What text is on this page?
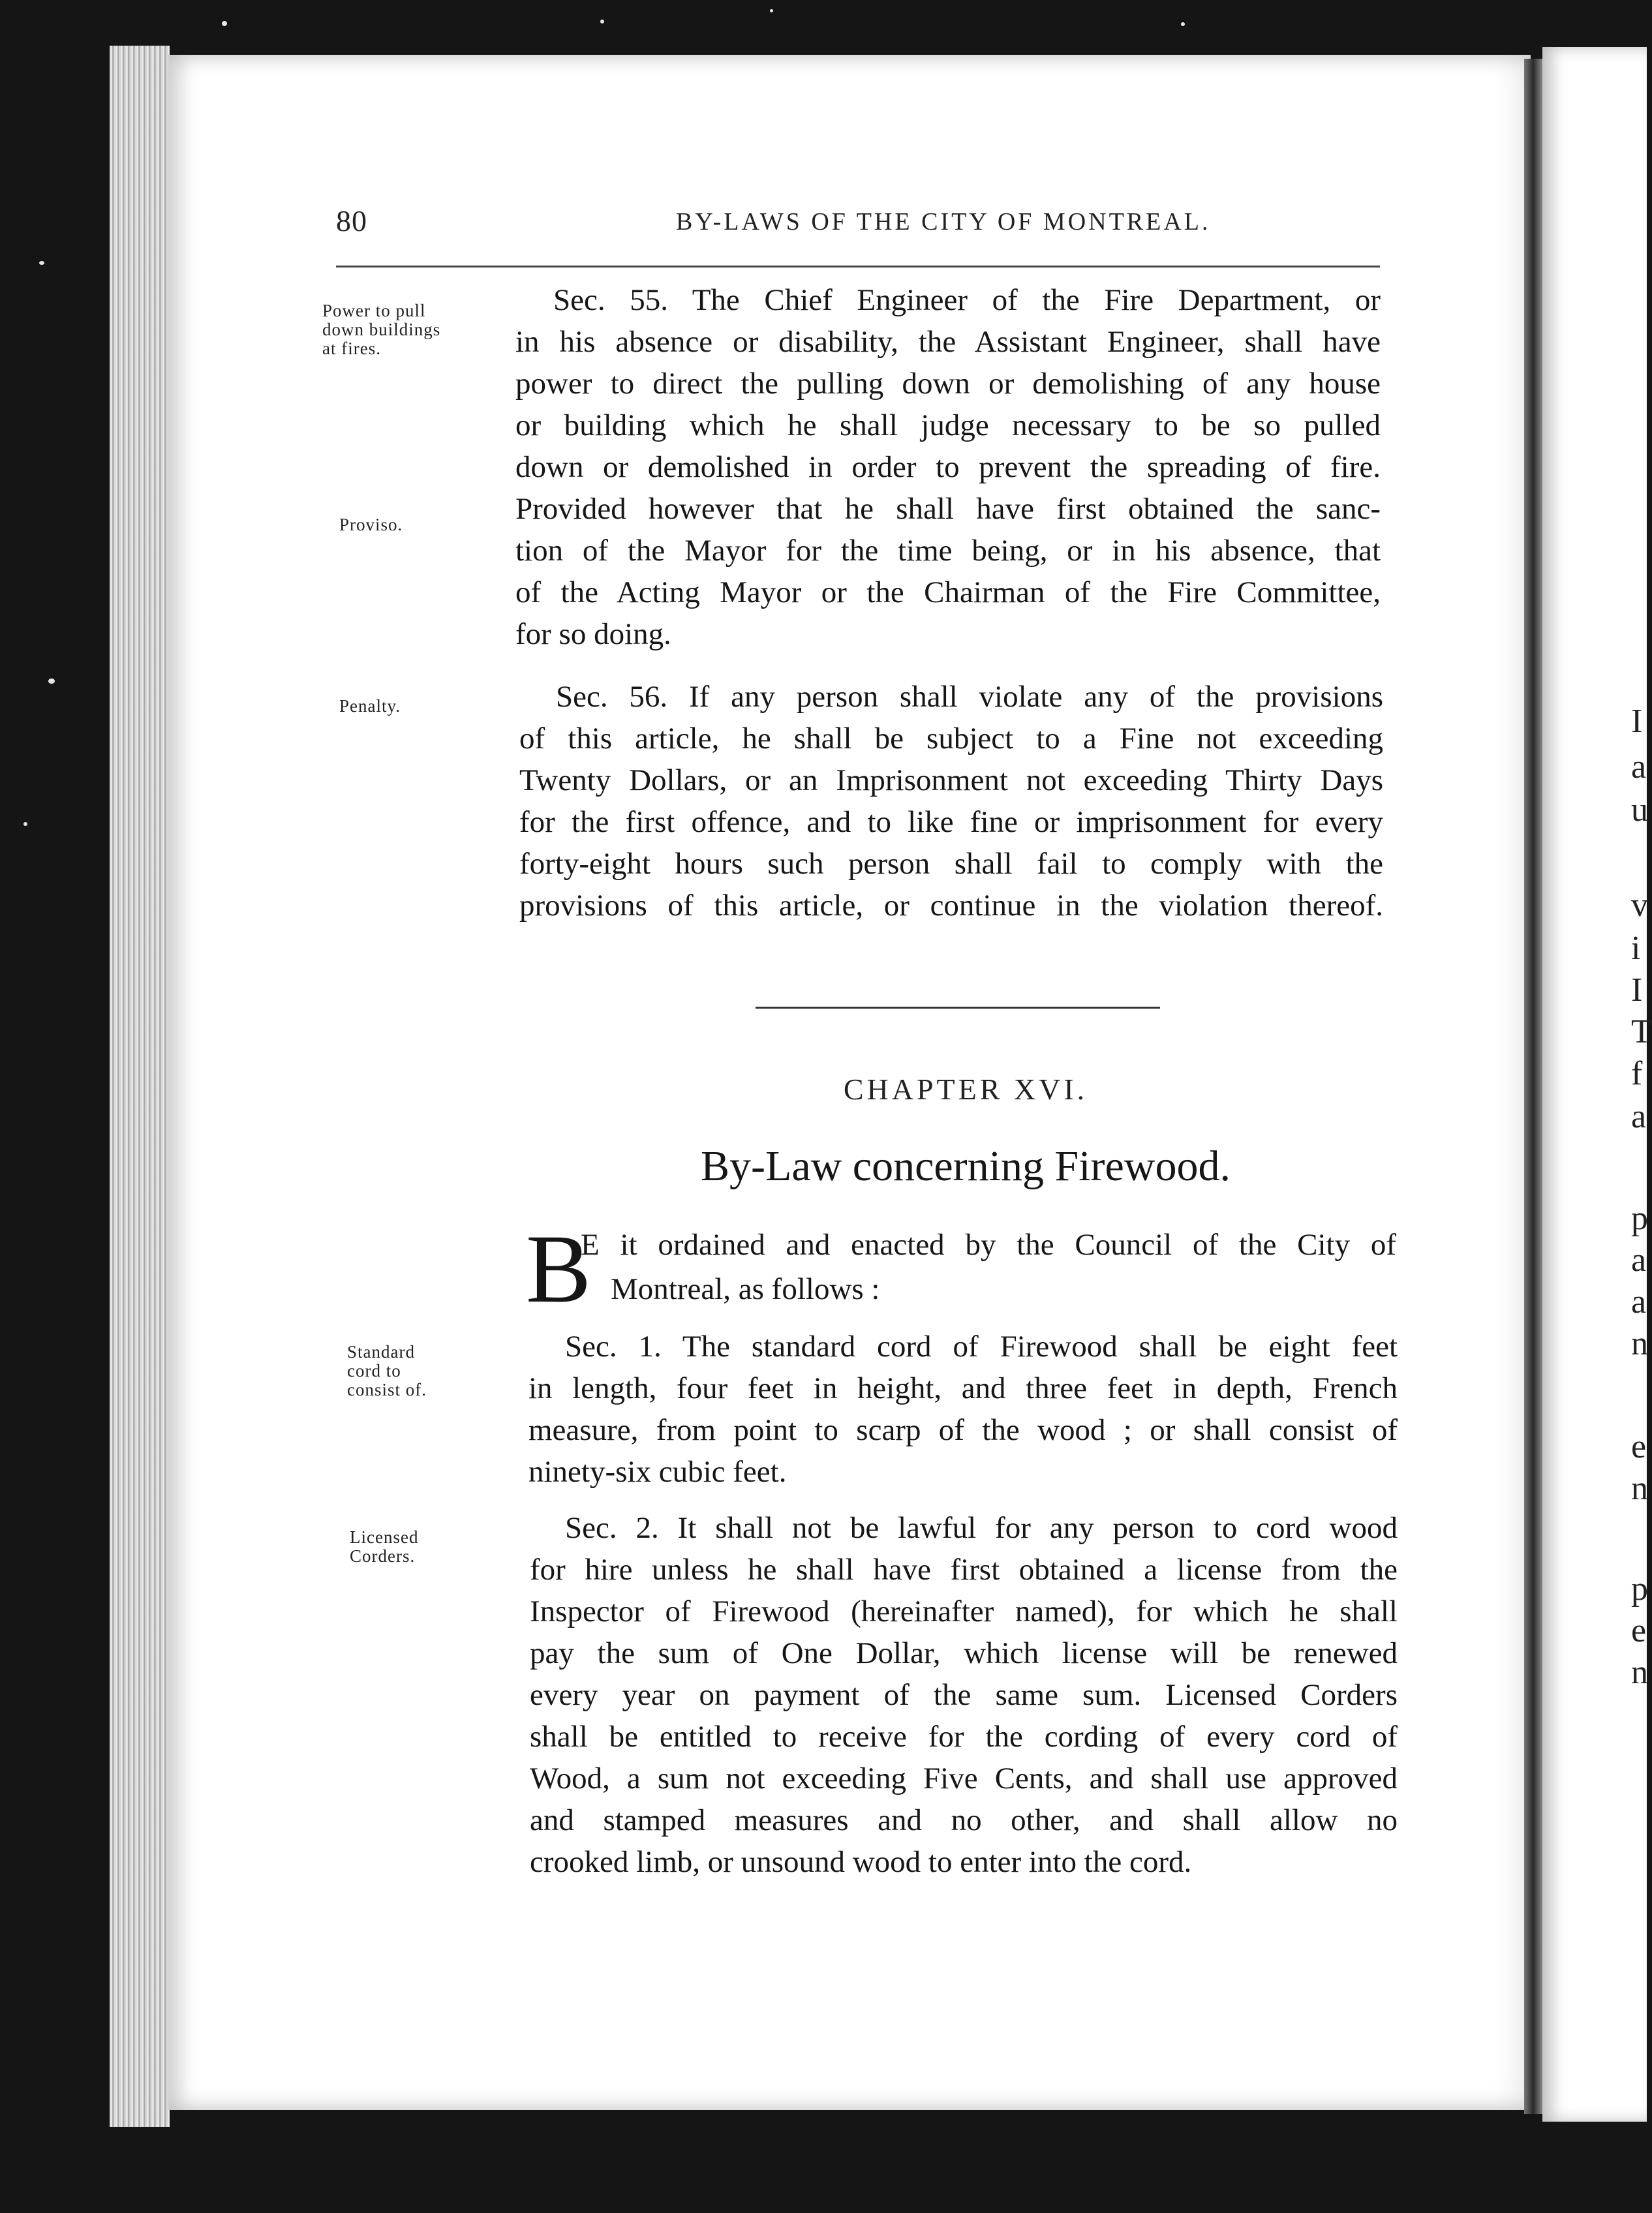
I
a
u
v
i
I
T
f
a
p
a
a
n
e
n
p
e
n
80	BY-LAWS OF THE CITY OF MONTREAL.
Power to pull
down buildings
at fires.
Proviso.
Penalty.
Standard
cord to
consist of.
Licensed
Corders.
Sec. 55. The Chief Engineer of the Fire Department, or
in his absence or disability, the Assistant Engineer, shall have
power to direct the pulling down or demolishing of any house
or building which he shall judge necessary to be so pulled
down or demolished in order to prevent the spreading of fire.
Provided however that he shall have first obtained the sanc-
tion of the Mayor for the time being, or in his absence, that
of the Acting Mayor or the Chairman of the Fire Committee,
for so doing.
Sec. 56. If any person shall violate any of the provisions
of this article, he shall be subject to a Fine not exceeding
Twenty Dollars, or an Imprisonment not exceeding Thirty Days
for the first offence, and to like fine or imprisonment for every
forty-eight hours such person shall fail to comply with the
provisions of this article, or continue in the violation thereof.
CHAPTER XVI.
By-Law concerning Firewood.
B
E it ordained and enacted by the Council of the City of
Montreal, as follows :
Sec. 1. The standard cord of Firewood shall be eight feet
in length, four feet in height, and three feet in depth, French
measure, from point to scarp of the wood ; or shall consist of
ninety-six cubic feet.
Sec. 2. It shall not be lawful for any person to cord wood
for hire unless he shall have first obtained a license from the
Inspector of Firewood (hereinafter named), for which he shall
pay the sum of One Dollar, which license will be renewed
every year on payment of the same sum. Licensed Corders
shall be entitled to receive for the cording of every cord of
Wood, a sum not exceeding Five Cents, and shall use approved
and stamped measures and no other, and shall allow no
crooked limb, or unsound wood to enter into the cord.
